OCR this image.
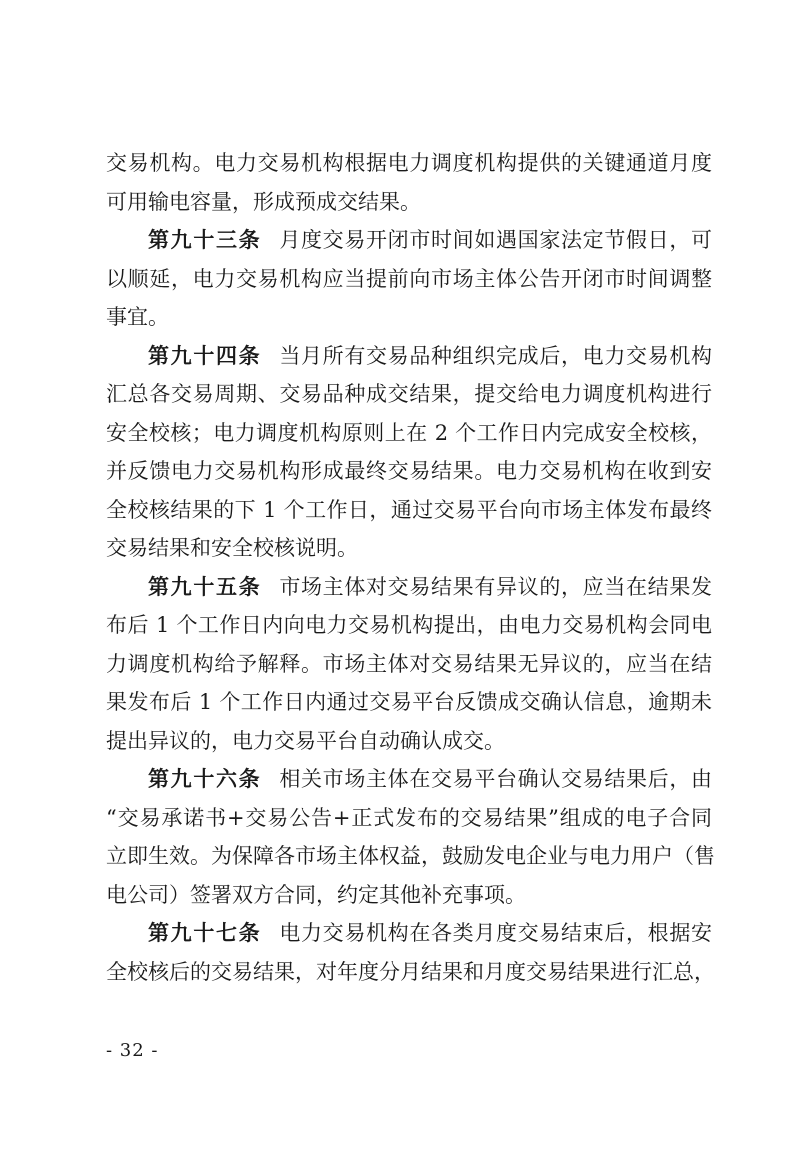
交易机构。电力交易机构根据电力调度机构提供的关键通道月度
可用输电容量，形成预成交结果。
第九十三条 月度交易开闭市时间如遇国家法定节假日，可
以顺延，电力交易机构应当提前向市场主体公告开闭市时间调整
事宜。
第九十四条 当月所有交易品种组织完成后，电力交易机构
汇总各交易周期、交易品种成交结果，提交给电力调度机构进行
安全校核；电力调度机构原则上在 2 个工作日内完成安全校核，
并反馈电力交易机构形成最终交易结果。电力交易机构在收到安
全校核结果的下 1 个工作日，通过交易平台向市场主体发布最终
交易结果和安全校核说明。
第九十五条 市场主体对交易结果有异议的，应当在结果发
布后 1 个工作日内向电力交易机构提出，由电力交易机构会同电
力调度机构给予解释。市场主体对交易结果无异议的，应当在结
果发布后 1 个工作日内通过交易平台反馈成交确认信息，逾期未
提出异议的，电力交易平台自动确认成交。
第九十六条 相关市场主体在交易平台确认交易结果后，由
“交易承诺书+交易公告+正式发布的交易结果”组成的电子合同
立即生效。为保障各市场主体权益，鼓励发电企业与电力用户（售
电公司）签署双方合同，约定其他补充事项。
第九十七条 电力交易机构在各类月度交易结束后，根据安
全校核后的交易结果，对年度分月结果和月度交易结果进行汇总，
- 32 -
